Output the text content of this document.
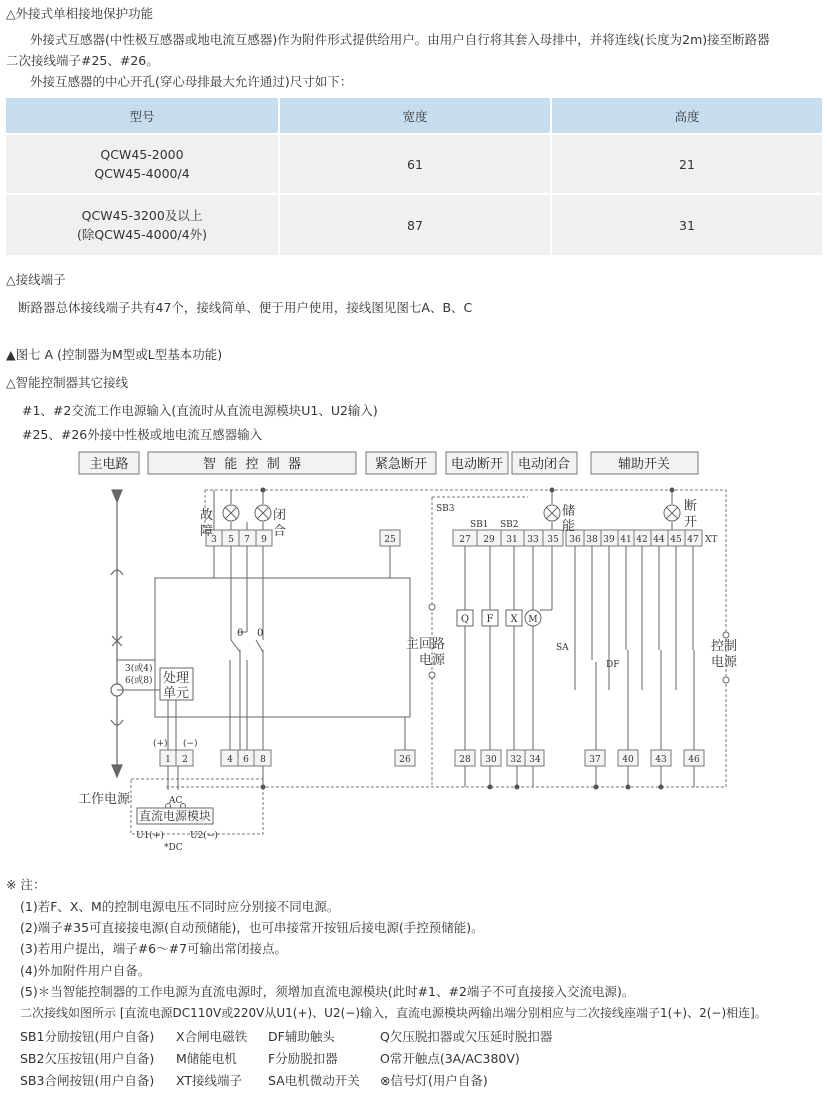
△外接式单相接地保护功能
外接式互感器(中性极互感器或地电流互感器)作为附件形式提供给用户。由用户自行将其套入母排中，并将连线(长度为2m)接至断路器
二次接线端子#25、#26。
外接互感器的中心开孔(穿心母排最大允许通过)尺寸如下：
型号	宽度	高度

QCW45-2000
QCW45-4000/4	61	21

QCW45-3200及以上
(除QCW45-4000/4外)	87	31
△接线端子
断路器总体接线端子共有47个，接线简单、便于用户使用，接线图见图七A、B、C
▲图七 A (控制器为M型或L型基本功能)
△智能控制器其它接线
#1、#2交流工作电源输入(直流时从直流电源模块U1、U2输入)
#25、#26外接中性极或地电流互感器输入
主电路	智  能  控  制  器	紧急断开 电动断开 电动闭合	辅助开关
故
障
闭
合
储
能
断
开
SB3
SB1 SB2
主回路
电源
控制
电源
处理
单元
3(或4)
6(或8)
工作电源	AC
直流电源模块
U1(+)	U2(−)
*DC
(+) (−)
0 0
Q F X M
SA
DF
XT
3 5 7 9	25	27 29 31 33 35 36 38 39 41 42 44 45 47
1 2	4 6 8	26	28 30 32 34	37 40 43 46
※ 注：
(1)若F、X、M的控制电源电压不同时应分别接不同电源。
(2)端子#35可直接接电源(自动预储能)，也可串接常开按钮后接电源(手控预储能)。
(3)若用户提出，端子#6～#7可输出常闭接点。
(4)外加附件用户自备。
(5)＊当智能控制器的工作电源为直流电源时，须增加直流电源模块(此时#1、#2端子不可直接接入交流电源)。
二次接线如图所示 [直流电源DC110V或220V从U1(+)、U2(−)输入，直流电源模块两输出端分别相应与二次接线座端子1(+)、2(−)相连]。
SB1分励按钮(用户自备) X合闸电磁铁 DF辅助触头	Q欠压脱扣器或欠压延时脱扣器
SB2欠压按钮(用户自备) M储能电机 F分励脱扣器	O常开触点(3A/AC380V)
SB3合闸按钮(用户自备) XT接线端子 SA电机微动开关 ⊗信号灯(用户自备)
